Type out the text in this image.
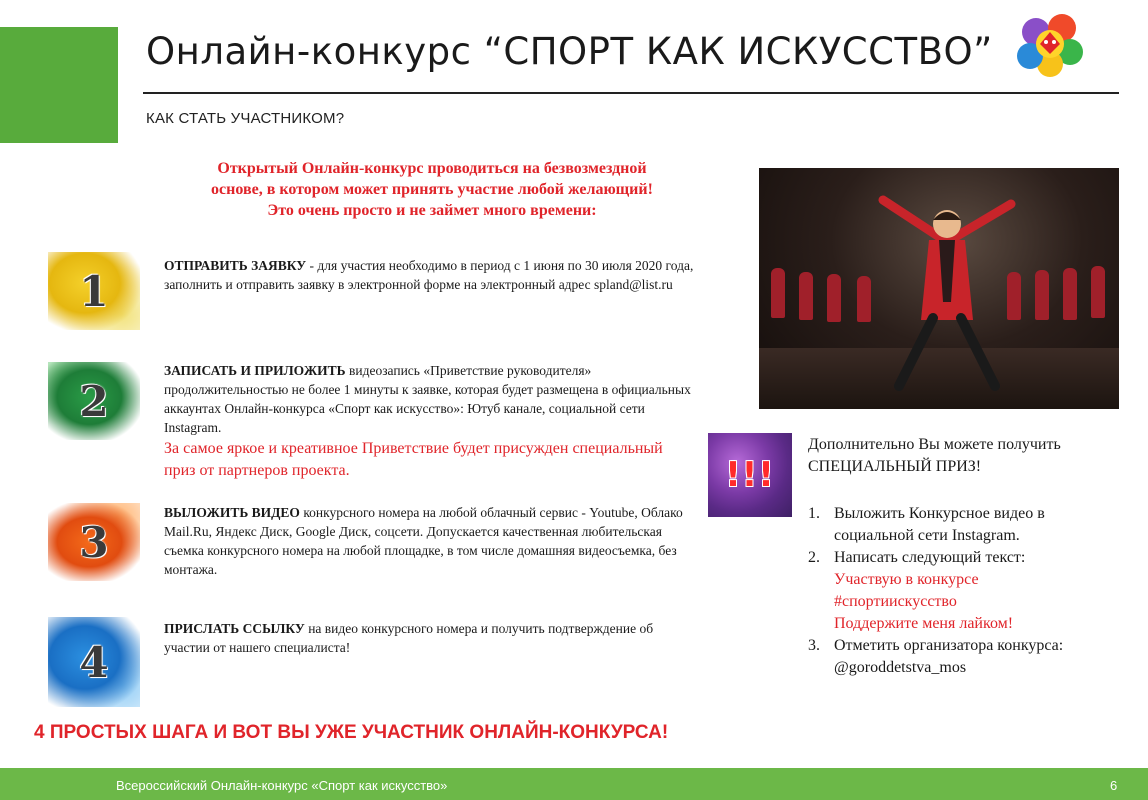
Онлайн-конкурс “СПОРТ КАК ИСКУССТВО”
КАК СТАТЬ УЧАСТНИКОМ?
Открытый Онлайн-конкурс проводиться на безвозмездной
основе, в котором может принять участие любой желающий!
Это очень просто и не займет много времени:
1
ОТПРАВИТЬ ЗАЯВКУ - для участия необходимо в период с 1 июня по 30 июля 2020 года, заполнить и отправить заявку в электронной форме на электронный адрес spland@list.ru
2
ЗАПИСАТЬ И ПРИЛОЖИТЬ видеозапись «Приветствие руководителя» продолжительностью не более 1 минуты к заявке, которая будет размещена в официальных аккаунтах Онлайн-конкурса «Спорт как искусство»: Ютуб канале, социальной сети Instagram.
За самое яркое и креативное Приветствие будет присужден специальный приз от партнеров проекта.
3
ВЫЛОЖИТЬ ВИДЕО конкурсного номера на любой облачный сервис - Youtube, Облако Mail.Ru, Яндекс Диск, Google Диск, соцсети. Допускается качественная любительская съемка конкурсного номера на любой площадке, в том числе домашняя видеосъемка, без монтажа.
4
ПРИСЛАТЬ ССЫЛКУ на видео конкурсного номера и получить подтверждение об участии от нашего специалиста!
4 ПРОСТЫХ ШАГА И ВОТ ВЫ УЖЕ УЧАСТНИК ОНЛАЙН-КОНКУРСА!
!!!
Дополнительно Вы можете получить СПЕЦИАЛЬНЫЙ ПРИЗ!
1. Выложить Конкурсное видео в социальной сети Instagram.
2. Написать следующий текст:
Участвую в конкурсе
#спортиискусство
Поддержите меня лайком!
3. Отметить организатора конкурса: @goroddetstva_mos
Всероссийский Онлайн-конкурс «Спорт как искусство»	6
